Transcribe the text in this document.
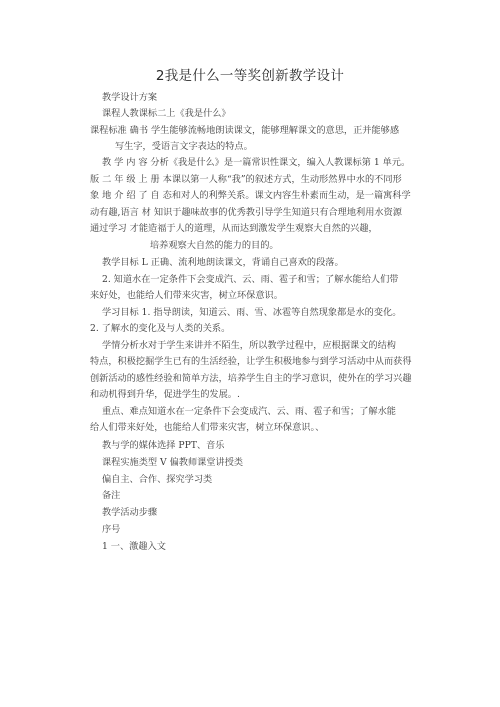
2我是什么一等奖创新教学设计
教学设计方案
课程人教课标二上《我是什么》
课程标准 确书 学生能够流畅地朗读课文，能够理解课文的意思，正并能够感
写生字，受语言文字表达的特点。
教 学 内 容 分析《我是什么》是一篇常识性课文，编入人教课标第 1 单元。
版 二 年 级 上 册 本课以第一人称“我”的叙述方式，生动形然界中水的不同形
象 地 介 绍 了 自 态和对人的利弊关系。课文内容生朴素而生动，是一篇寓科学
动有趣,语言 材 知识于趣味故事的优秀教引导学生知道只有合理地利用水资源
通过学习 才能造福于人的道理，从而达到激发学生观察大自然的兴趣，
培养观察大自然的能力的目的。
教学目标 L 正确、流利地朗读课文，背诵自己喜欢的段落。
2. 知道水在一定条件下会变成汽、云、雨、雹子和雪；了解水能给人们带
来好处，也能给人们带来灾害，树立环保意识。
学习目标 1. 指导朗读，知道云、雨、雪、冰雹等自然现象都是水的变化。
2. 了解水的变化及与人类的关系。
学情分析水对于学生来讲并不陌生，所以教学过程中，应根据课文的结构
特点，积极挖掘学生已有的生活经验，让学生积极地参与到学习活动中从而获得
创新活动的感性经验和简单方法，培养学生自主的学习意识，使外在的学习兴趣
和动机得到升华，促进学生的发展。.
重点、难点知道水在一定条件下会变成汽、云、雨、雹子和雪；了解水能
给人们带来好处，也能给人们带来灾害，树立环保意识。、
教与学的媒体选择 PPT、音乐
课程实施类型 V 偏教师课堂讲授类
偏自主、合作、探究学习类
备注
教学活动步骤
序号
1 一、激趣入文
